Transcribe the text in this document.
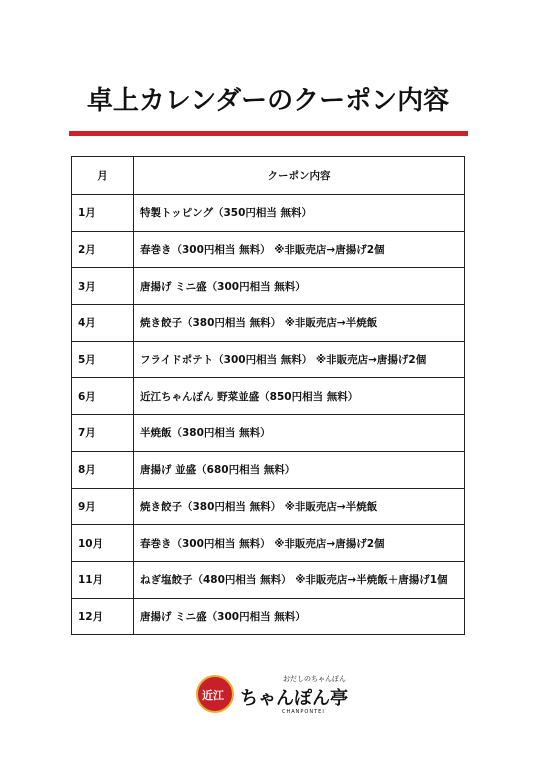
卓上カレンダーのクーポン内容
月	クーポン内容
1月	特製トッピング（350円相当 無料）
2月	春巻き（300円相当 無料） ※非販売店→唐揚げ2個
3月	唐揚げ ミニ盛（300円相当 無料）
4月	焼き餃子（380円相当 無料） ※非販売店→半焼飯
5月	フライドポテト（300円相当 無料） ※非販売店→唐揚げ2個
6月	近江ちゃんぽん 野菜並盛（850円相当 無料）
7月	半焼飯（380円相当 無料）
8月	唐揚げ 並盛（680円相当 無料）
9月	焼き餃子（380円相当 無料） ※非販売店→半焼飯
10月	春巻き（300円相当 無料） ※非販売店→唐揚げ2個
11月	ねぎ塩餃子（480円相当 無料） ※非販売店→半焼飯＋唐揚げ1個
12月	唐揚げ ミニ盛（300円相当 無料）
近江
おだしのちゃんぽん
ちゃんぽん亭
CHANPONTEI
